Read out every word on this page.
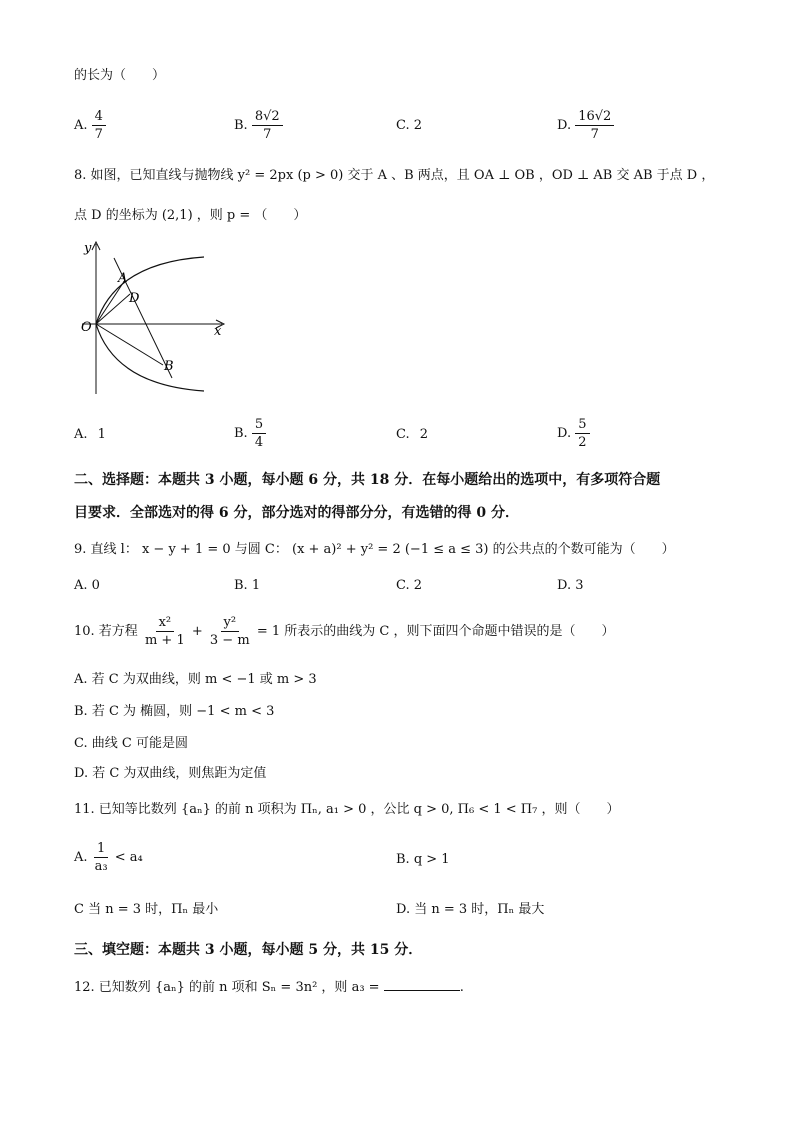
的长为（　　）
A. $\frac{4}{7}$	B. $\frac{8√2}{7}$	C. 2	D. $\frac{16√2}{7}$
8. 如图，已知直线与抛物线 y² = 2px (p > 0) 交于 A 、B 两点，且 OA ⊥ OB ，OD ⊥ AB 交 AB 于点 D ，
点 D 的坐标为 (2,1) ，则 p = （　　）
y
x
O
A
D
B
A. 1	B. $\frac{5}{4}$	C. 2	D. $\frac{5}{2}$
二、选择题：本题共 3 小题，每小题 6 分，共 18 分．在每小题给出的选项中，有多项符合题
目要求．全部选对的得 6 分，部分选对的得部分分，有选错的得 0 分．
9. 直线 l： x − y + 1 = 0 与圆 C： (x + a)² + y² = 2 (−1 ≤ a ≤ 3) 的公共点的个数可能为（　　）
A. 0	B. 1	C. 2	D. 3
10. 若方程 $\frac{\text{x²}}{m + 1} + \frac{\text{y²}}{3 - m} = 1$ 所表示的曲线为 C ，则下面四个命题中错误的是（　　）
A. 若 C 为双曲线，则 m < −1 或 m > 3
B. 若 C 为 椭圆，则 −1 < m < 3
C. 曲线 C 可能是圆
D. 若 C 为双曲线，则焦距为定值
11. 已知等比数列 {aₙ} 的前 n 项积为 Πₙ, a₁ > 0 ，公比 q > 0, Π₆ < 1 < Π₇ ，则（　　）
A. $\frac{1}{\text{a₃}} < a_4$	B. q > 1
C 当 n = 3 时，Πₙ 最小	D. 当 n = 3 时，Πₙ 最大
三、填空题：本题共 3 小题，每小题 5 分，共 15 分．
12. 已知数列 {aₙ} 的前 n 项和 Sₙ = 3n² ，则 a₃ =	.
